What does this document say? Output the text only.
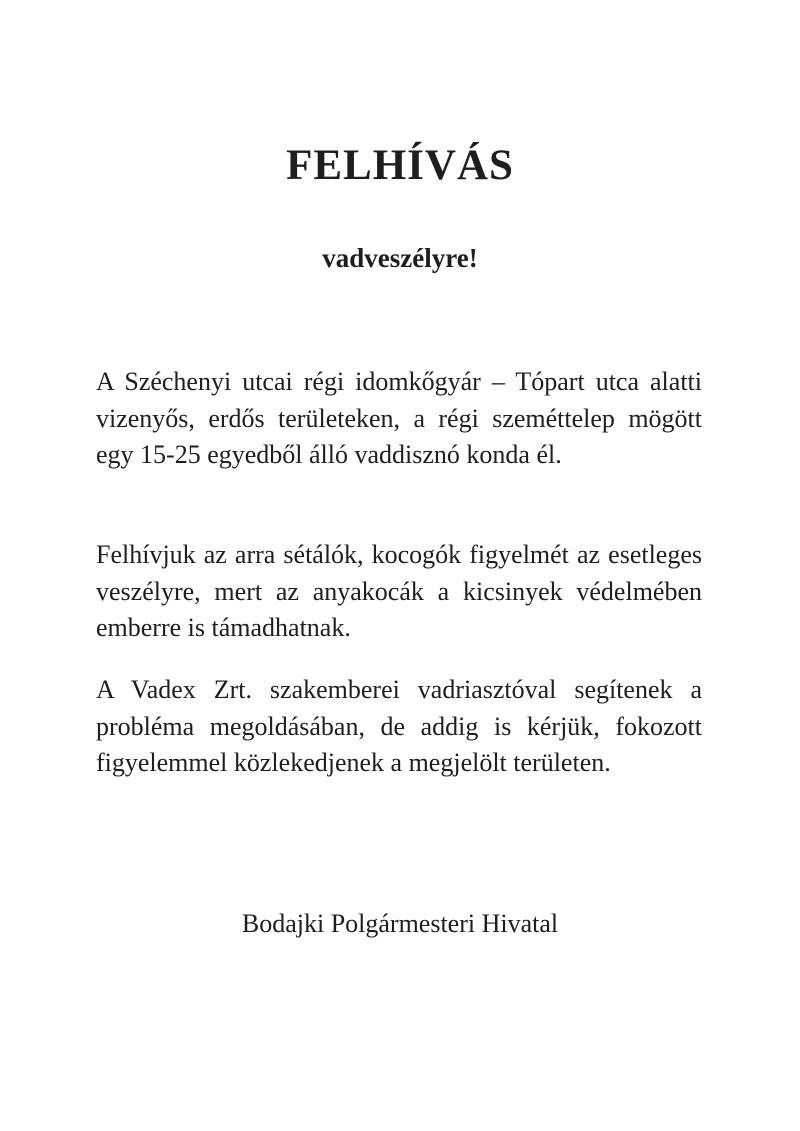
FELHÍVÁS
vadveszélyre!

A Széchenyi utcai régi idomkőgyár – Tópart utca alatti vizenyős, erdős területeken, a régi szeméttelep mögött egy 15-25 egyedből álló vaddisznó konda él.

Felhívjuk az arra sétálók, kocogók figyelmét az esetleges veszélyre, mert az anyakocák a kicsinyek védelmében emberre is támadhatnak.

A Vadex Zrt. szakemberei vadriasztóval segítenek a probléma megoldásában, de addig is kérjük, fokozott figyelemmel közlekedjenek a megjelölt területen.

Bodajki Polgármesteri Hivatal
